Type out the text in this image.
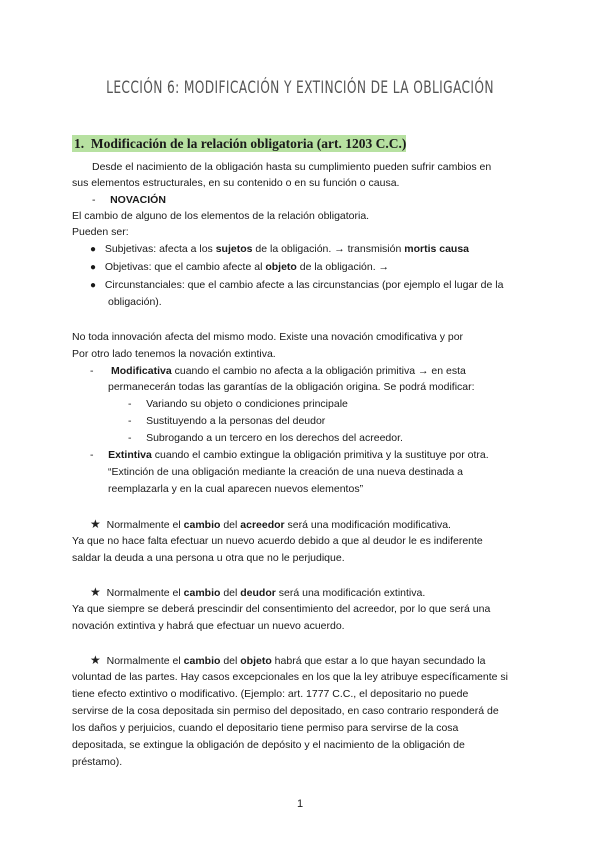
LECCIÓN 6: MODIFICACIÓN Y EXTINCIÓN DE LA OBLIGACIÓN
1. Modificación de la relación obligatoria (art. 1203 C.C.)
Desde el nacimiento de la obligación hasta su cumplimiento pueden sufrir cambios en
sus elementos estructurales, en su contenido o en su función o causa.
- NOVACIÓN
El cambio de alguno de los elementos de la relación obligatoria.
Pueden ser:
● Subjetivas: afecta a los sujetos de la obligación. → transmisión mortis causa
● Objetivas: que el cambio afecte al objeto de la obligación. →
● Circunstanciales: que el cambio afecte a las circunstancias (por ejemplo el lugar de la
obligación).
No toda innovación afecta del mismo modo. Existe una novación cmodificativa y por
Por otro lado tenemos la novación extintiva.
- Modificativa cuando el cambio no afecta a la obligación primitiva → en esta
permanecerán todas las garantías de la obligación origina. Se podrá modificar:
- Variando su objeto o condiciones principale
- Sustituyendo a la personas del deudor
- Subrogando a un tercero en los derechos del acreedor.
- Extintiva cuando el cambio extingue la obligación primitiva y la sustituye por otra.
“Extinción de una obligación mediante la creación de una nueva destinada a
reemplazarla y en la cual aparecen nuevos elementos”
★ Normalmente el cambio del acreedor será una modificación modificativa.
Ya que no hace falta efectuar un nuevo acuerdo debido a que al deudor le es indiferente
saldar la deuda a una persona u otra que no le perjudique.
★ Normalmente el cambio del deudor será una modificación extintiva.
Ya que siempre se deberá prescindir del consentimiento del acreedor, por lo que será una
novación extintiva y habrá que efectuar un nuevo acuerdo.
★ Normalmente el cambio del objeto habrá que estar a lo que hayan secundado la
voluntad de las partes. Hay casos excepcionales en los que la ley atribuye específicamente si
tiene efecto extintivo o modificativo. (Ejemplo: art. 1777 C.C., el depositario no puede
servirse de la cosa depositada sin permiso del depositado, en caso contrario responderá de
los daños y perjuicios, cuando el depositario tiene permiso para servirse de la cosa
depositada, se extingue la obligación de depósito y el nacimiento de la obligación de
préstamo).
1
